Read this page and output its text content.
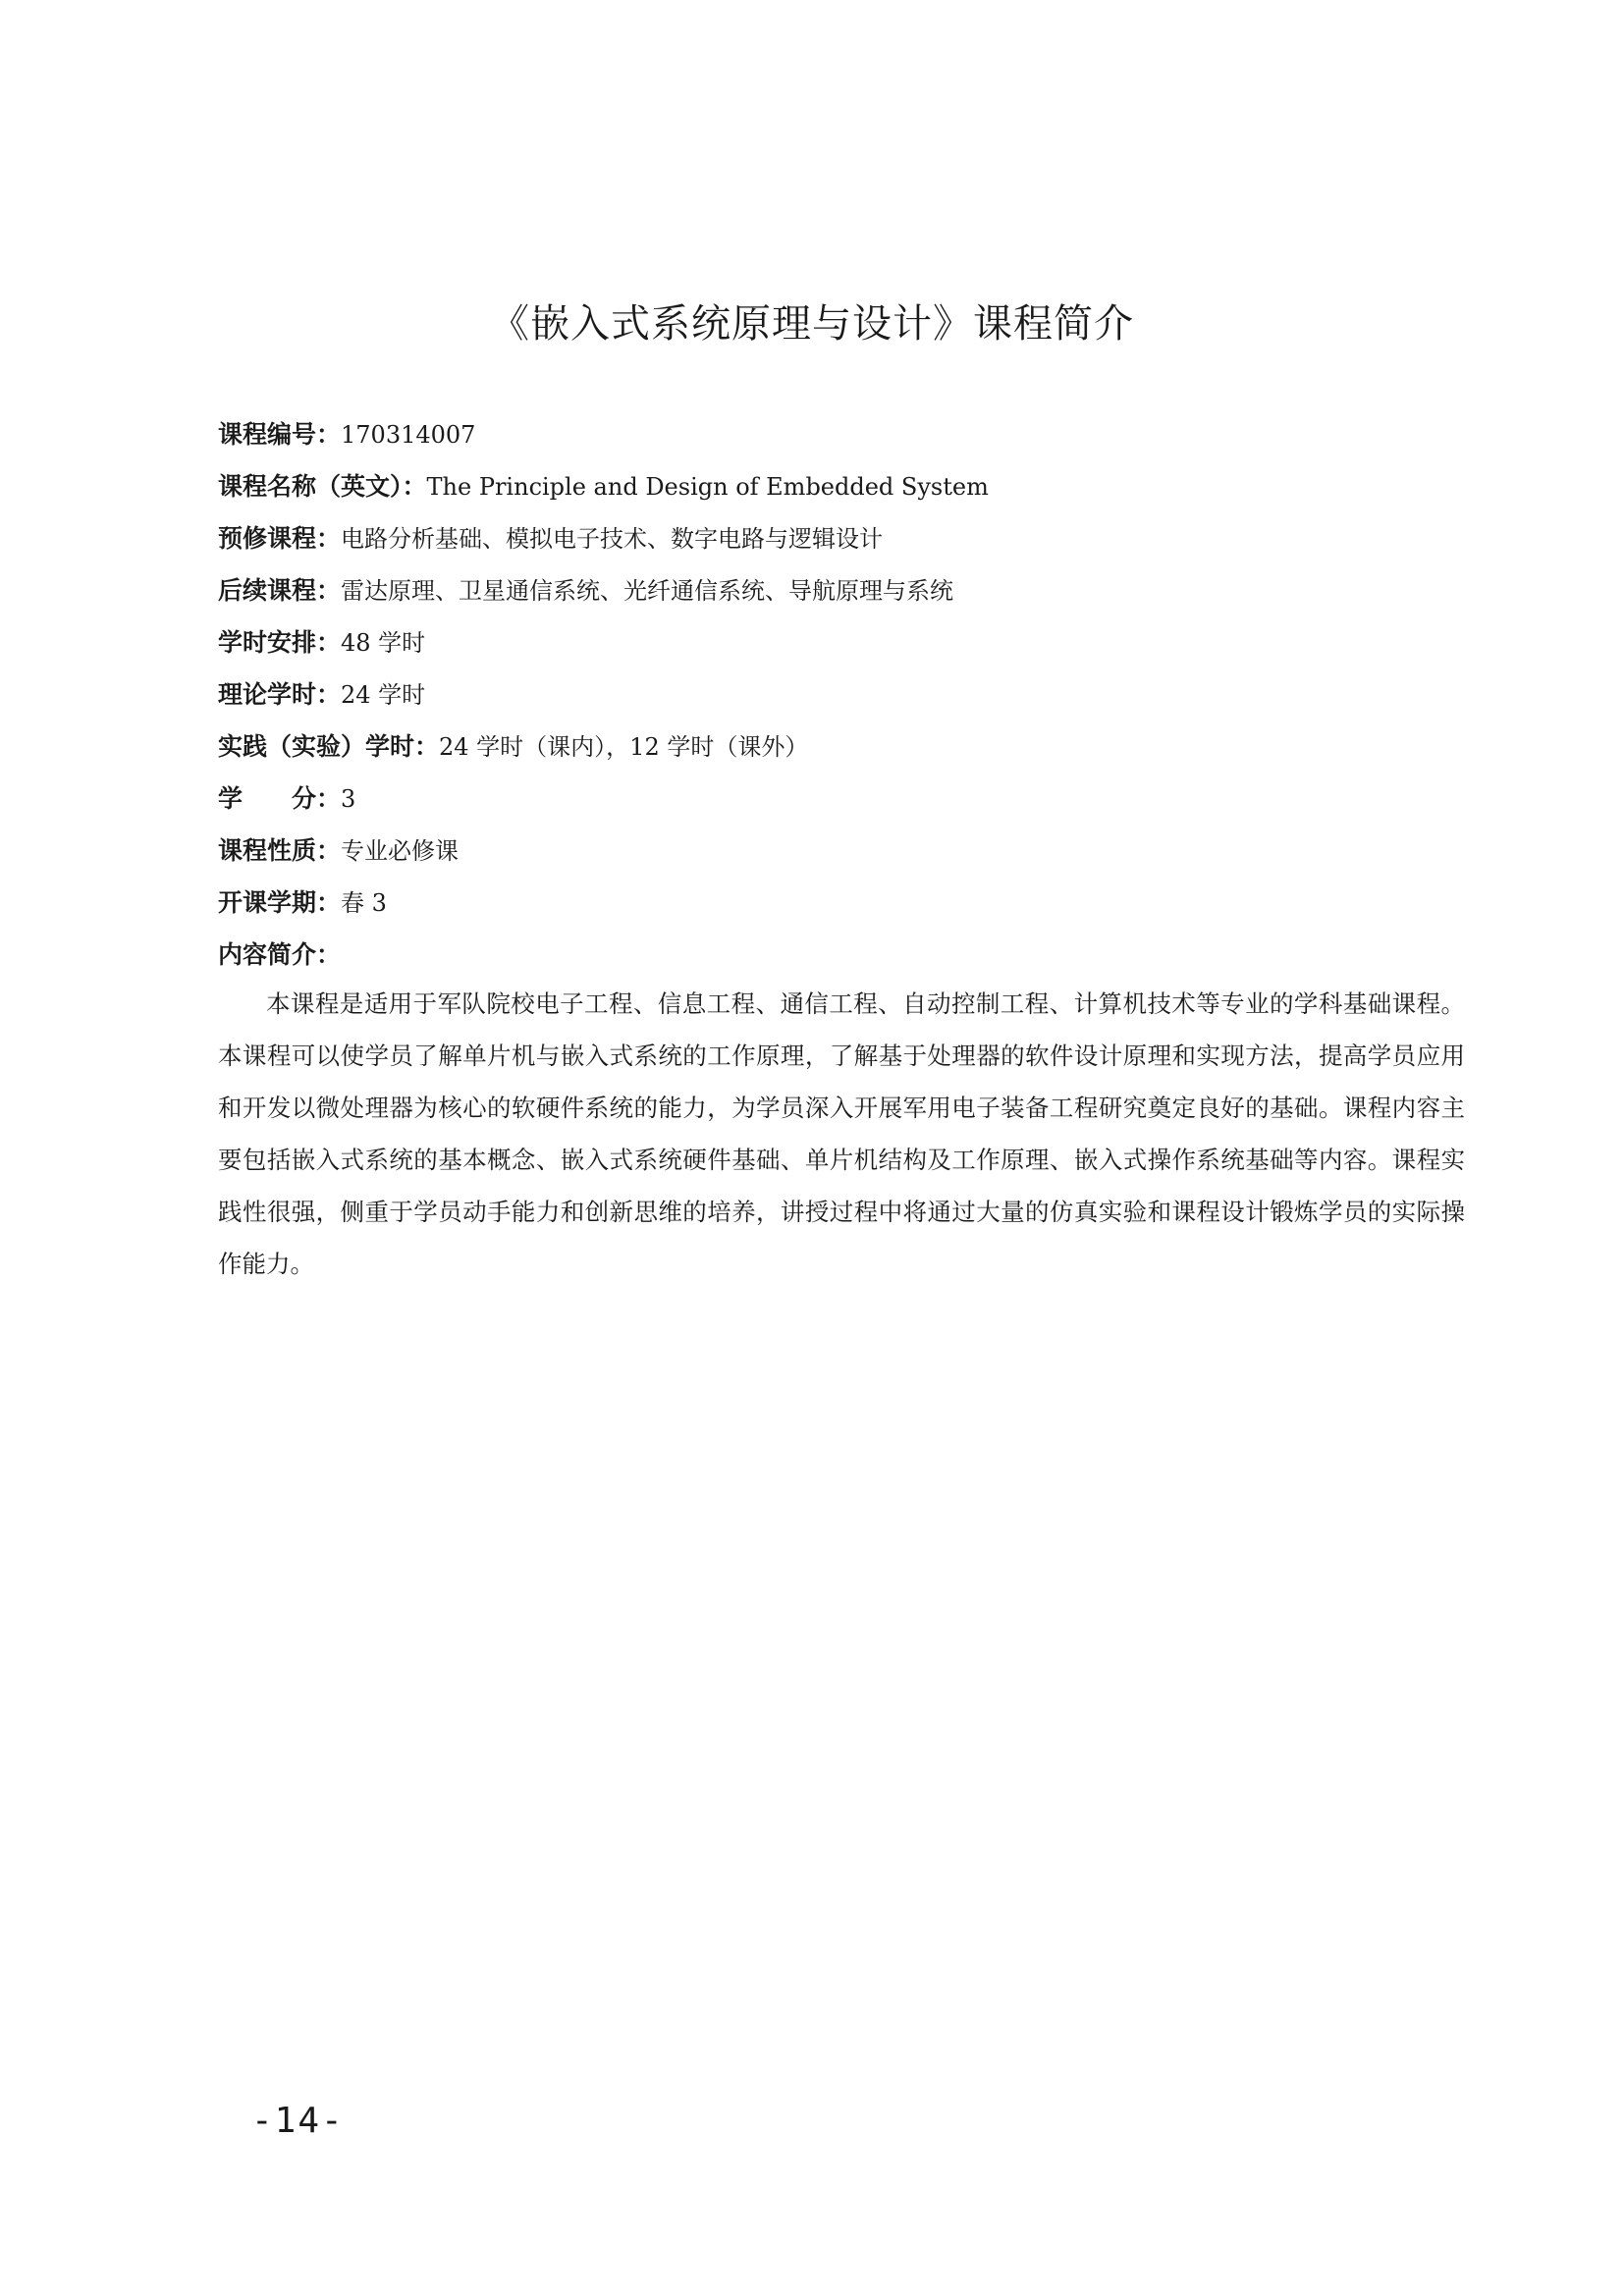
《嵌入式系统原理与设计》课程简介
课程编号：170314007
课程名称（英文）：The Principle and Design of Embedded System
预修课程：电路分析基础、模拟电子技术、数字电路与逻辑设计
后续课程：雷达原理、卫星通信系统、光纤通信系统、导航原理与系统
学时安排：48 学时
理论学时：24 学时
实践（实验）学时：24 学时（课内），12 学时（课外）
学　　分：3
课程性质：专业必修课
开课学期：春 3
内容简介：

本课程是适用于军队院校电子工程、信息工程、通信工程、自动控制工程、计算机技术等专业的学科基础课程。本课程可以使学员了解单片机与嵌入式系统的工作原理，了解基于处理器的软件设计原理和实现方法，提高学员应用和开发以微处理器为核心的软硬件系统的能力，为学员深入开展军用电子装备工程研究奠定良好的基础。课程内容主要包括嵌入式系统的基本概念、嵌入式系统硬件基础、单片机结构及工作原理、嵌入式操作系统基础等内容。课程实践性很强，侧重于学员动手能力和创新思维的培养，讲授过程中将通过大量的仿真实验和课程设计锻炼学员的实际操作能力。

-14-
